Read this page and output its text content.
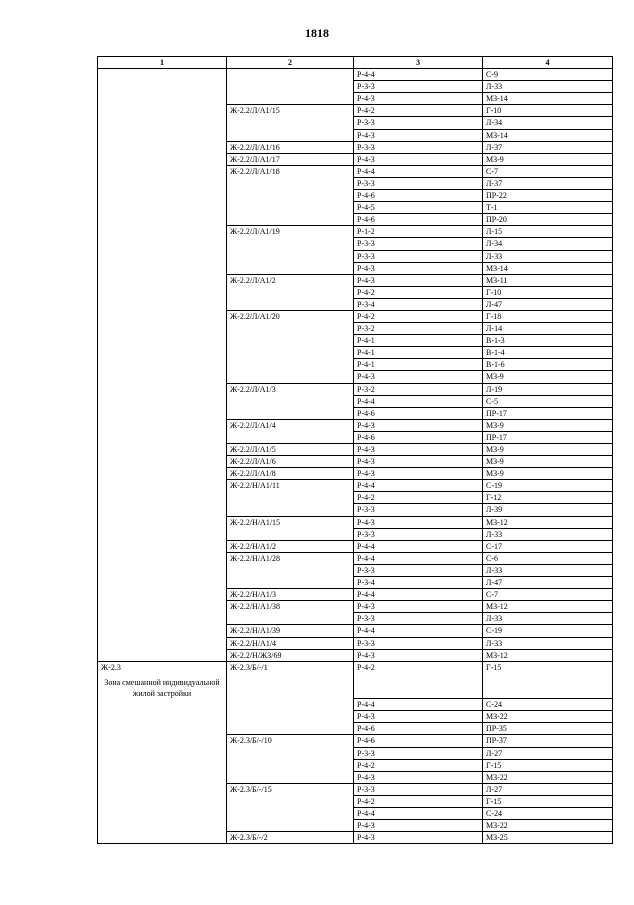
1818
1	2	3	4
		Р-4-4	С-9
		Р-3-3	Л-33
		Р-4-3	МЗ-14
	Ж-2.2/Л/А1/15	Р-4-2	Г-10
		Р-3-3	Л-34
		Р-4-3	МЗ-14
	Ж-2.2/Л/А1/16	Р-3-3	Л-37
	Ж-2.2/Л/А1/17	Р-4-3	МЗ-9
	Ж-2.2/Л/А1/18	Р-4-4	С-7
		Р-3-3	Л-37
		Р-4-6	ПР-22
		Р-4-5	Т-1
		Р-4-6	ПР-20
	Ж-2.2/Л/А1/19	Р-1-2	Л-15
		Р-3-3	Л-34
		Р-3-3	Л-33
		Р-4-3	МЗ-14
	Ж-2.2/Л/А1/2	Р-4-3	МЗ-11
		Р-4-2	Г-10
		Р-3-4	Л-47
	Ж-2.2/Л/А1/20	Р-4-2	Г-18
		Р-3-2	Л-14
		Р-4-1	В-1-3
		Р-4-1	В-1-4
		Р-4-1	В-1-6
		Р-4-3	МЗ-9
	Ж-2.2/Л/А1/3	Р-3-2	Л-19
		Р-4-4	С-5
		Р-4-6	ПР-17
	Ж-2.2/Л/А1/4	Р-4-3	МЗ-9
		Р-4-6	ПР-17
	Ж-2.2/Л/А1/5	Р-4-3	МЗ-9
	Ж-2.2/Л/А1/6	Р-4-3	МЗ-9
	Ж-2.2/Л/А1/8	Р-4-3	МЗ-9
	Ж-2.2/Н/А1/11	Р-4-4	С-19
		Р-4-2	Г-12
		Р-3-3	Л-39
	Ж-2.2/Н/А1/15	Р-4-3	МЗ-12
		Р-3-3	Л-33
	Ж-2.2/Н/А1/2	Р-4-4	С-17
	Ж-2.2/Н/А1/28	Р-4-4	С-6
		Р-3-3	Л-33
		Р-3-4	Л-47
	Ж-2.2/Н/А1/3	Р-4-4	С-7
	Ж-2.2/Н/А1/38	Р-4-3	МЗ-12
		Р-3-3	Л-33
	Ж-2.2/Н/А1/39	Р-4-4	С-19
	Ж-2.2/Н/А1/4	Р-3-3	Л-33
	Ж-2.2/Н/Ж3/69	Р-4-3	МЗ-12

Ж-2.3
Зона смешанной индивидуальной жилой застройки	Ж-2.3/Б/-/1	Р-4-2	Г-15
		Р-4-4	С-24
		Р-4-3	МЗ-22
		Р-4-6	ПР-35
	Ж-2.3/Б/-/10	Р-4-6	ПР-37
		Р-3-3	Л-27
		Р-4-2	Г-15
		Р-4-3	МЗ-22
	Ж-2.3/Б/-/15	Р-3-3	Л-27
		Р-4-2	Г-15
		Р-4-4	С-24
		Р-4-3	МЗ-22
	Ж-2.3/Б/-/2	Р-4-3	МЗ-25
